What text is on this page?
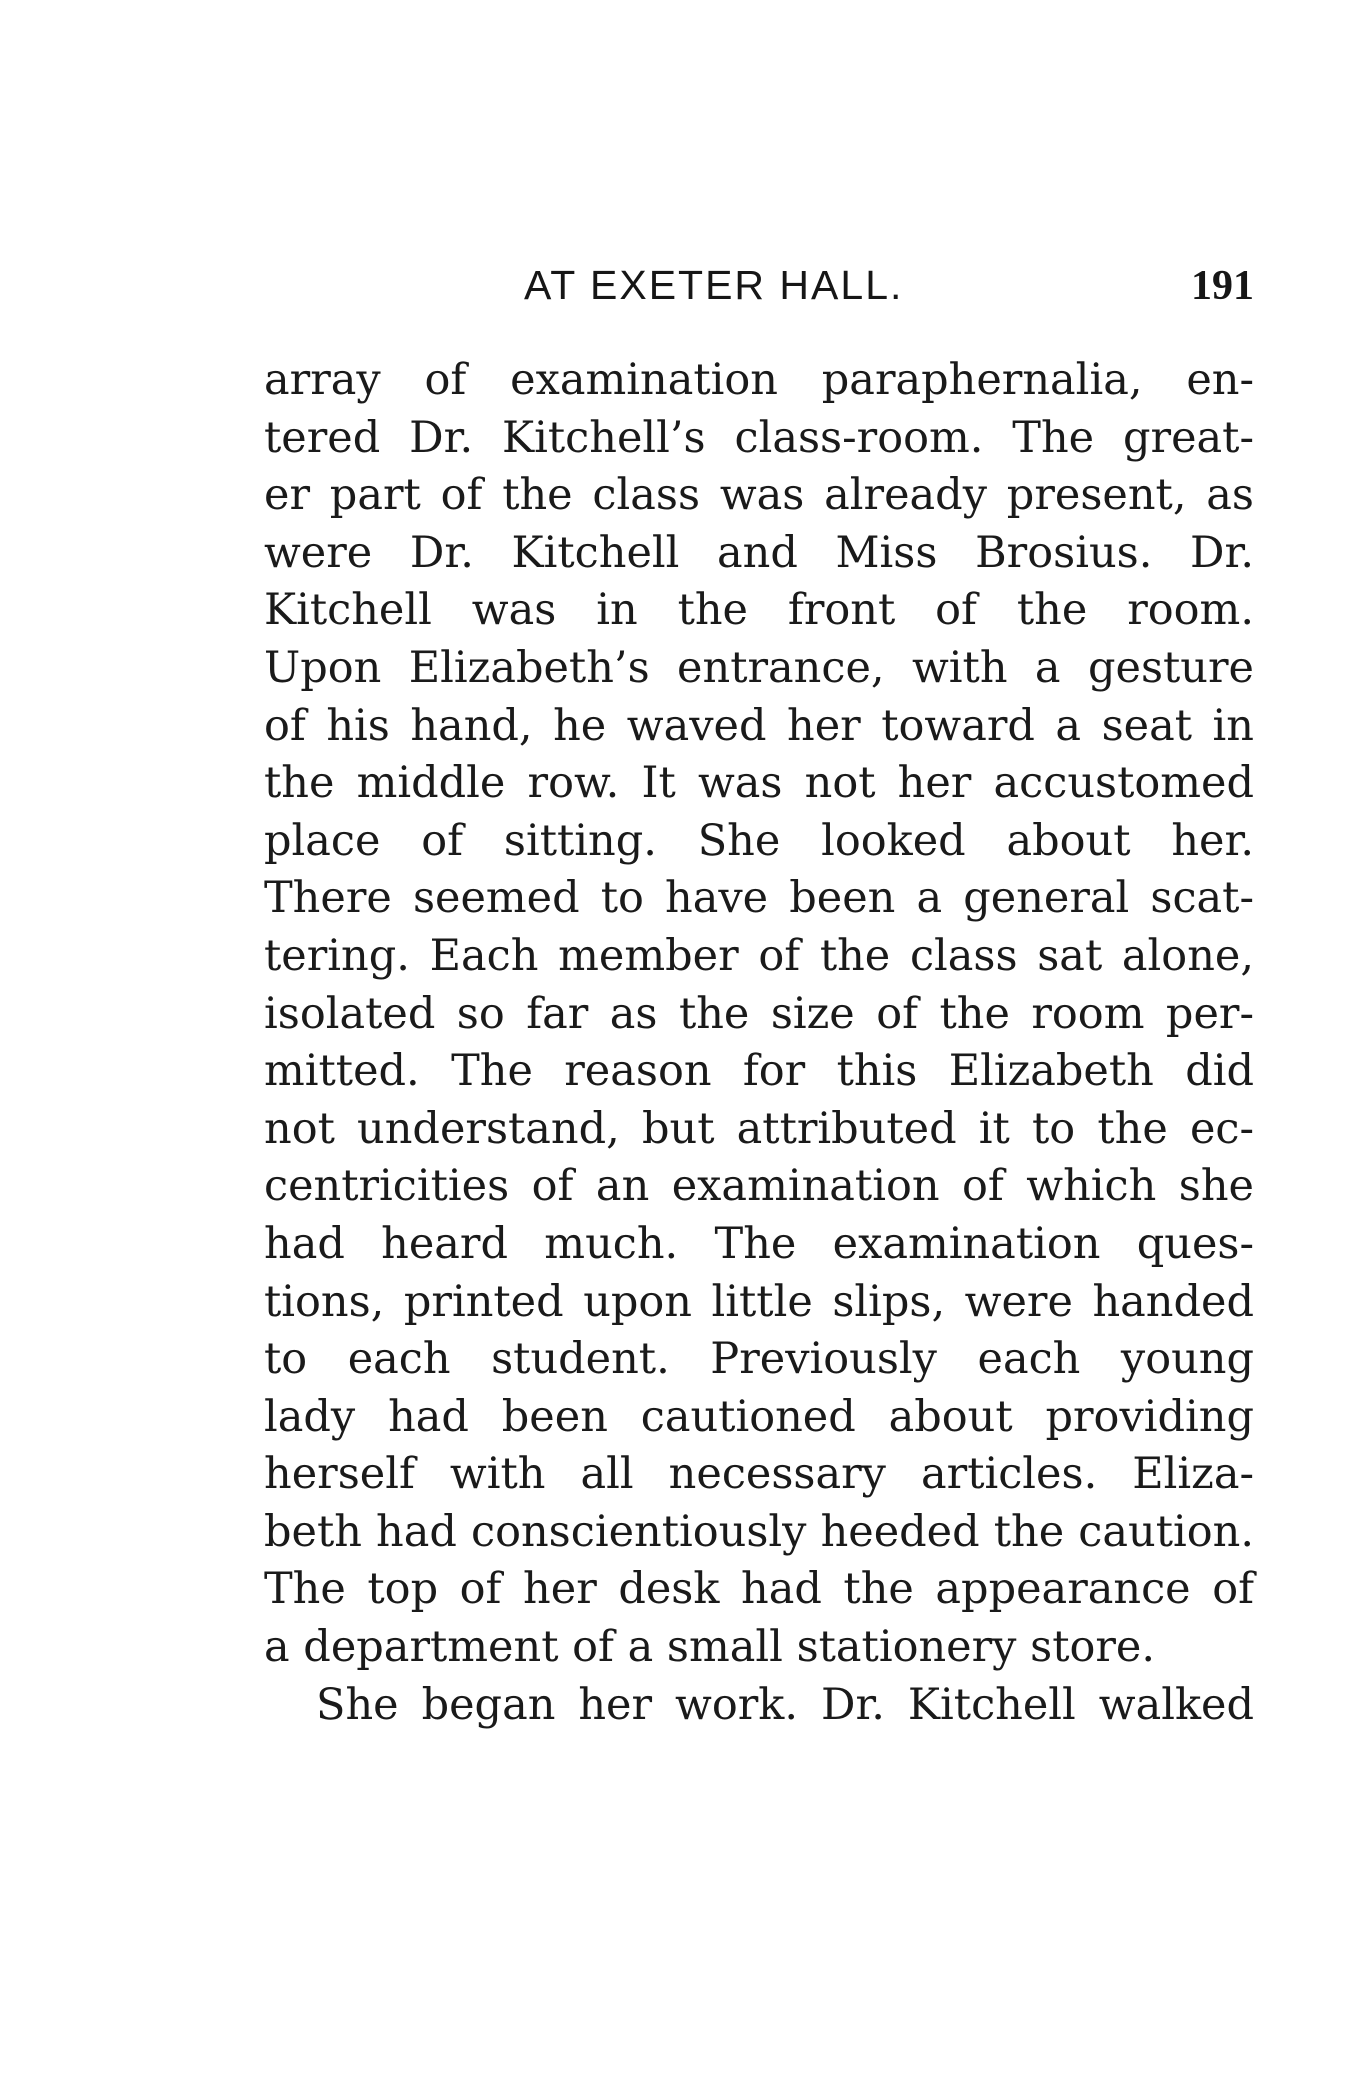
AT EXETER HALL.	191
array of examination paraphernalia, en-
tered Dr. Kitchell’s class-room. The great-
er part of the class was already present, as
were Dr. Kitchell and Miss Brosius. Dr.
Kitchell was in the front of the room.
Upon Elizabeth’s entrance, with a gesture
of his hand, he waved her toward a seat in
the middle row. It was not her accustomed
place of sitting. She looked about her.
There seemed to have been a general scat-
tering. Each member of the class sat alone,
isolated so far as the size of the room per-
mitted. The reason for this Elizabeth did
not understand, but attributed it to the ec-
centricities of an examination of which she
had heard much. The examination ques-
tions, printed upon little slips, were handed
to each student. Previously each young
lady had been cautioned about providing
herself with all necessary articles. Eliza-
beth had conscientiously heeded the caution.
The top of her desk had the appearance of
a department of a small stationery store.
She began her work. Dr. Kitchell walked
